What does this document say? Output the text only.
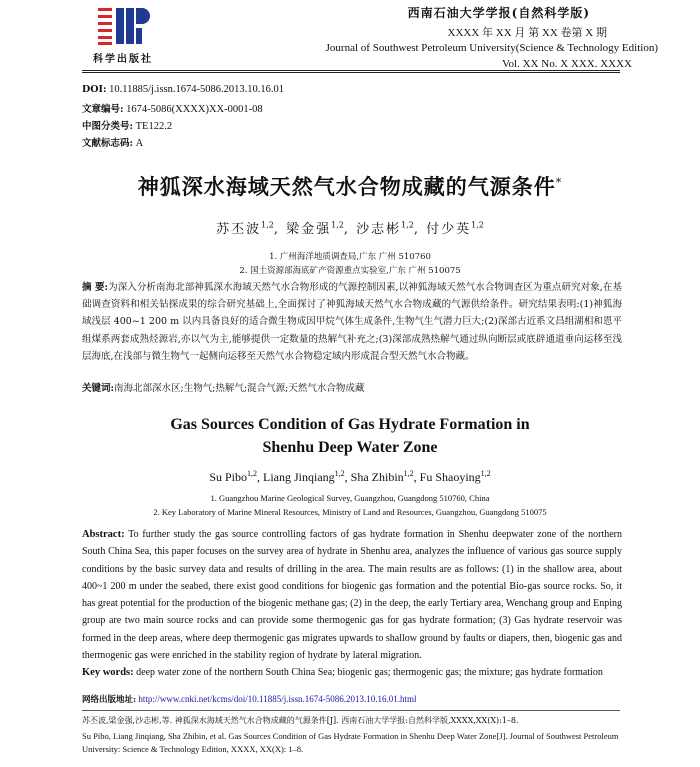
科学出版社
西南石油大学学报(自然科学版)
XXXX 年 XX 月 第 XX 卷第 X 期
Journal of Southwest Petroleum University(Science & Technology Edition)
Vol. XX No. X XXX. XXXX
DOI: 10.11885/j.issn.1674-5086.2013.10.16.01
文章编号: 1674-5086(XXXX)XX-0001-08
中图分类号: TE122.2
文献标志码: A
神狐深水海域天然气水合物成藏的气源条件*
苏丕波$^{1,2}$, 梁金强$^{1,2}$, 沙志彬$^{1,2}$, 付少英$^{1,2}$
1. 广州海洋地质调查局,广东 广州 510760
2. 国土资源部海底矿产资源重点实验室,广东 广州 510075
摘 要:为深入分析南海北部神狐深水海域天然气水合物形成的气源控制因素,以神狐海域天然气水合物调查区为重点研究对象,在基础调查资料和相关钻探成果的综合研究基础上,全面探讨了神狐海域天然气水合物成藏的气源供给条件。研究结果表明:(1)神狐海域浅层 400~1 200 m 以内具备良好的适合微生物成因甲烷气体生成条件,生物气生气潜力巨大;(2)深部古近系文昌组湖相和恩平组煤系两套成熟烃源岩,亦以气为主,能够提供一定数量的热解气补充之;(3)深部成熟热解气通过纵向断层或底辟通道垂向运移至浅层海底,在浅部与微生物气一起侧向运移至天然气水合物稳定域内形成混合型天然气水合物藏。
关键词:南海北部深水区;生物气;热解气;混合气源;天然气水合物成藏
Gas Sources Condition of Gas Hydrate Formation in
Shenhu Deep Water Zone
Su Pibo$^{1,2}$, Liang Jinqiang$^{1,2}$, Sha Zhibin$^{1,2}$, Fu Shaoying$^{1,2}$
1. Guangzhou Marine Geological Survey, Guangzhou, Guangdong 510760, China
2. Key Laboratory of Marine Mineral Resources, Ministry of Land and Resources, Guangzhou, Guangdong 510075
Abstract: To further study the gas source controlling factors of gas hydrate formation in Shenhu deepwater zone of the northern South China Sea, this paper focuses on the survey area of hydrate in Shenhu area, analyzes the influence of various gas source supply conditions by the basic survey data and results of drilling in the area. The main results are as follows: (1) in the shallow area, about 400~1 200 m under the seabed, there exist good conditions for biogenic gas formation and the potential Bio-gas source rocks. So, it has great potential for the production of the biogenic methane gas; (2) in the deep, the early Tertiary area, Wenchang group and Enping group are two main source rocks and can provide some thermogenic gas for gas hydrate formation; (3) Gas hydrate reservoir was formed in the deep areas, where deep thermogenic gas migrates upwards to shallow ground by faults or diapers, then, biogenic gas and thermogenic gas were enriched in the stability region of hydrate by lateral migration.
Key words: deep water zone of the northern South China Sea; biogenic gas; thermogenic gas; the mixture; gas hydrate formation
网络出版地址: http://www.cnki.net/kcms/doi/10.11885/j.issn.1674-5086.2013.10.16.01.html
苏丕波,梁金强,沙志彬,等. 神狐深水海域天然气水合物成藏的气源条件[J]. 西南石油大学学报:自然科学版,XXXX,XX(X):1–8.
Su Pibo, Liang Jinqiang, Sha Zhibin, et al. Gas Sources Condition of Gas Hydrate Formation in Shenhu Deep Water Zone[J]. Journal of Southwest Petroleum University: Science & Technology Edition, XXXX, XX(X): 1–8.
